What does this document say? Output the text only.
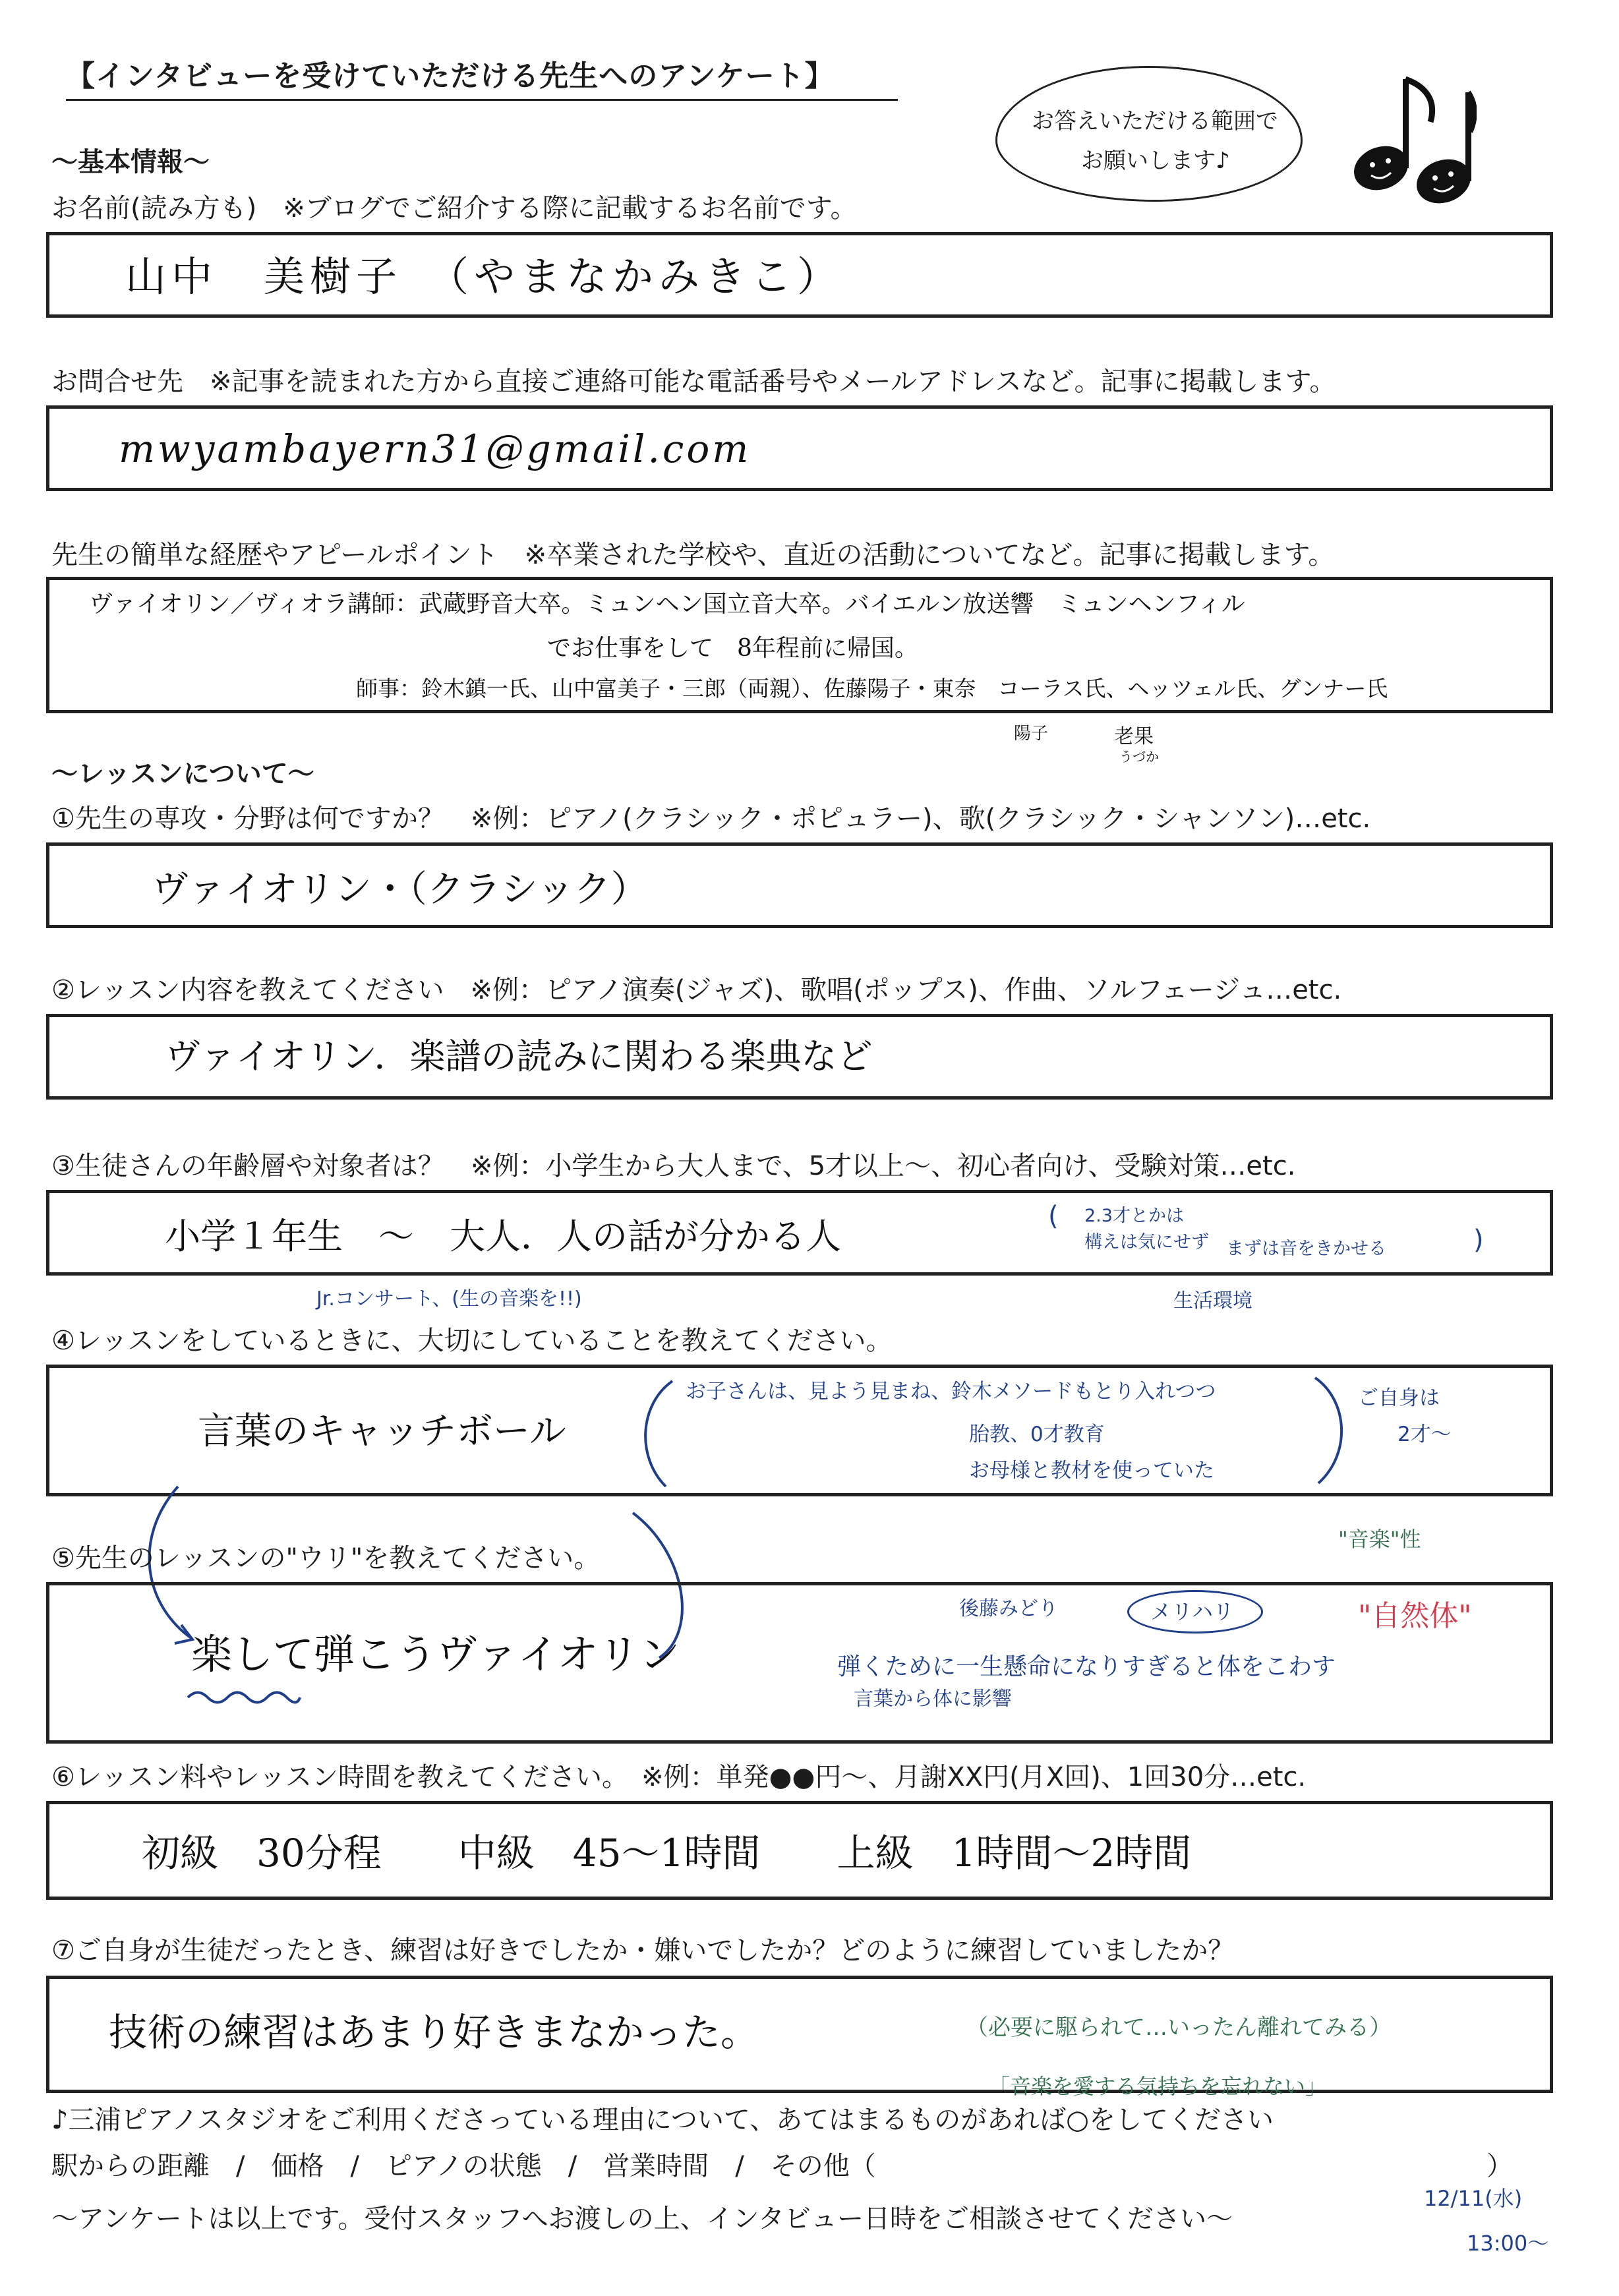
【インタビューを受けていただける先生へのアンケート】
お答えいただける範囲で
お願いします♪
～基本情報～
お名前(読み方も)　※ブログでご紹介する際に記載するお名前です。
山中　美樹子　（やまなかみきこ）
お問合せ先　※記事を読まれた方から直接ご連絡可能な電話番号やメールアドレスなど。記事に掲載します。
mwyambayern31@gmail.com
先生の簡単な経歴やアピールポイント　※卒業された学校や、直近の活動についてなど。記事に掲載します。
ヴァイオリン／ヴィオラ講師：武蔵野音大卒。ミュンヘン国立音大卒。バイエルン放送響　ミュンヘンフィル
でお仕事をして　8年程前に帰国。
師事：鈴木鎮一氏、山中富美子・三郎（両親）、佐藤陽子・東奈　コーラス氏、ヘッツェル氏、グンナー氏
陽子	老果
うづか
～レッスンについて～
①先生の専攻・分野は何ですか？　※例：ピアノ(クラシック・ポピュラー)、歌(クラシック・シャンソン)…etc.
ヴァイオリン・（クラシック）
②レッスン内容を教えてください　※例：ピアノ演奏(ジャズ)、歌唱(ポップス)、作曲、ソルフェージュ…etc.
ヴァイオリン．楽譜の読みに関わる楽典など
③生徒さんの年齢層や対象者は？　※例：小学生から大人まで、5才以上～、初心者向け、受験対策…etc.
小学１年生　～　大人．人の話が分かる人	( 2.3才とかは
構えは気にせず まずは音をきかせる	)
Jr.コンサート、(生の音楽を!!)	生活環境
④レッスンをしているときに、大切にしていることを教えてください。
言葉のキャッチボール
お子さんは、見よう見まね、鈴木メソードもとり入れつつ
胎教、0才教育
お母様と教材を使っていた
ご自身は
2才～
⑤先生のレッスンの"ウリ"を教えてください。
楽して弾こうヴァイオリン
後藤みどり	メリハリ
"音楽"性
"自然体"
弾くために一生懸命になりすぎると体をこわす
言葉から体に影響
⑥レッスン料やレッスン時間を教えてください。　※例：単発●●円～、月謝XX円(月X回)、1回30分…etc.
初級　30分程　　中級　45～1時間　　上級　1時間～2時間
⑦ご自身が生徒だったとき、練習は好きでしたか・嫌いでしたか？どのように練習していましたか？
技術の練習はあまり好きまなかった。	（必要に駆られて…いったん離れてみる）
「音楽を愛する気持ちを忘れない」
♪三浦ピアノスタジオをご利用くださっている理由について、あてはまるものがあれば○をしてください
駅からの距離　/　価格　/　ピアノの状態　/　営業時間　/　その他（	）
～アンケートは以上です。受付スタッフへお渡しの上、インタビュー日時をご相談させてください～
12/11(水)
13:00～
